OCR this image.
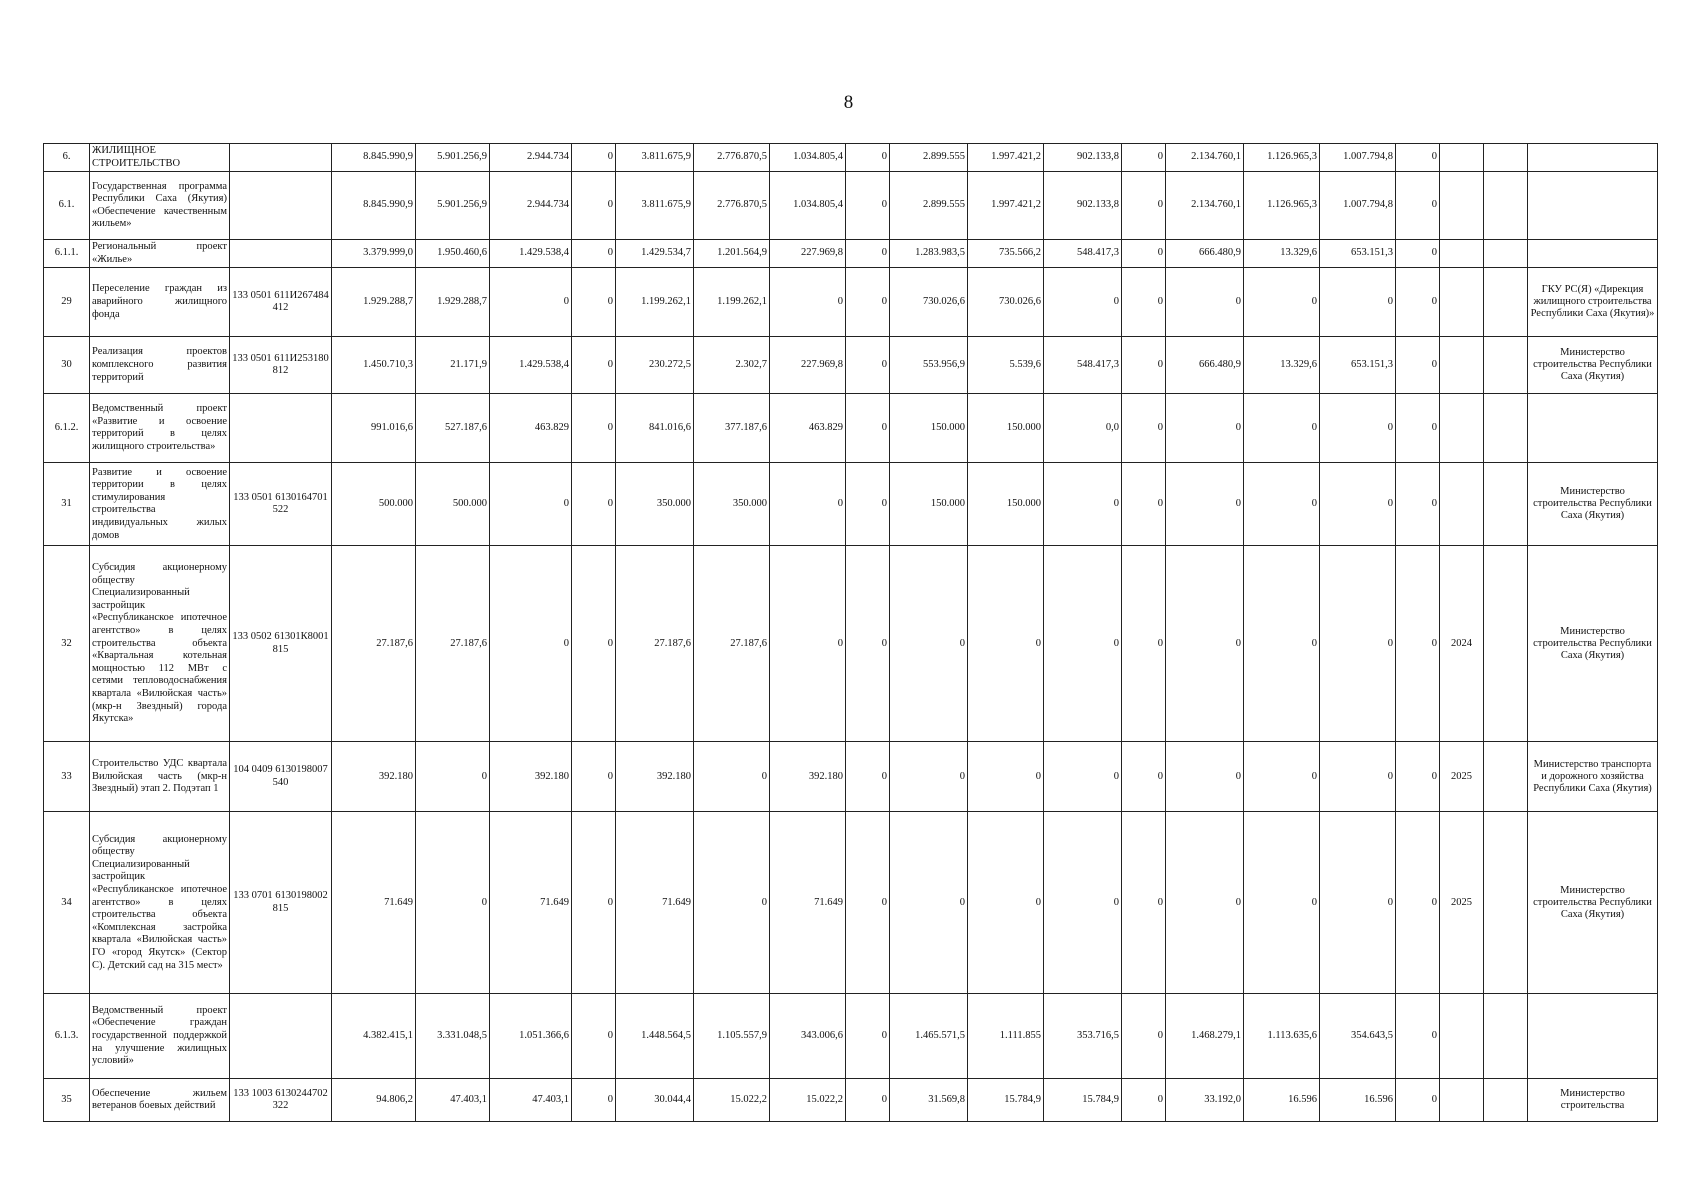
8
6.	ЖИЛИЩНОЕ СТРОИТЕЛЬСТВО		8.845.990,9	5.901.256,9	2.944.734	0	3.811.675,9	2.776.870,5	1.034.805,4	0	2.899.555	1.997.421,2	902.133,8	0	2.134.760,1	1.126.965,3	1.007.794,8	0			
6.1.	Государственная программа Республики Саха (Якутия) «Обеспечение качественным жильем»		8.845.990,9	5.901.256,9	2.944.734	0	3.811.675,9	2.776.870,5	1.034.805,4	0	2.899.555	1.997.421,2	902.133,8	0	2.134.760,1	1.126.965,3	1.007.794,8	0			
6.1.1.	Региональный проект «Жилье»		3.379.999,0	1.950.460,6	1.429.538,4	0	1.429.534,7	1.201.564,9	227.969,8	0	1.283.983,5	735.566,2	548.417,3	0	666.480,9	13.329,6	653.151,3	0			
29	Переселение граждан из аварийного жилищного фонда	133 0501 611И267484 412	1.929.288,7	1.929.288,7	0	0	1.199.262,1	1.199.262,1	0	0	730.026,6	730.026,6	0	0	0	0	0	0			ГКУ РС(Я) «Дирекция жилищного строительства Республики Саха (Якутия)»
30	Реализация проектов комплексного развития территорий	133 0501 611И253180 812	1.450.710,3	21.171,9	1.429.538,4	0	230.272,5	2.302,7	227.969,8	0	553.956,9	5.539,6	548.417,3	0	666.480,9	13.329,6	653.151,3	0			Министерство строительства Республики Саха (Якутия)
6.1.2.	Ведомственный проект «Развитие и освоение территорий в целях жилищного строительства»		991.016,6	527.187,6	463.829	0	841.016,6	377.187,6	463.829	0	150.000	150.000	0,0	0	0	0	0	0			
31	Развитие и освоение территории в целях стимулирования строительства индивидуальных жилых домов	133 0501 6130164701 522	500.000	500.000	0	0	350.000	350.000	0	0	150.000	150.000	0	0	0	0	0	0			Министерство строительства Республики Саха (Якутия)
32	Субсидия акционерному обществу Специализированный застройщик «Республиканское ипотечное агентство» в целях строительства объекта «Квартальная котельная мощностью 112 МВт с сетями тепловодоснабжения квартала «Вилюйская часть» (мкр-н Звездный) города Якутска»	133 0502 61301К8001 815	27.187,6	27.187,6	0	0	27.187,6	27.187,6	0	0	0	0	0	0	0	0	0	0	2024		Министерство строительства Республики Саха (Якутия)
33	Строительство УДС квартала Вилюйская часть (мкр-н Звездный) этап 2. Подэтап 1	104 0409 6130198007 540	392.180	0	392.180	0	392.180	0	392.180	0	0	0	0	0	0	0	0	0	2025		Министерство транспорта и дорожного хозяйства Республики Саха (Якутия)
34	Субсидия акционерному обществу Специализированный застройщик «Республиканское ипотечное агентство» в целях строительства объекта «Комплексная застройка квартала «Вилюйская часть» ГО «город Якутск» (Сектор С). Детский сад на 315 мест»	133 0701 6130198002 815	71.649	0	71.649	0	71.649	0	71.649	0	0	0	0	0	0	0	0	0	2025		Министерство строительства Республики Саха (Якутия)
6.1.3.	Ведомственный проект «Обеспечение граждан государственной поддержкой на улучшение жилищных условий»		4.382.415,1	3.331.048,5	1.051.366,6	0	1.448.564,5	1.105.557,9	343.006,6	0	1.465.571,5	1.111.855	353.716,5	0	1.468.279,1	1.113.635,6	354.643,5	0			
35	Обеспечение жильем ветеранов боевых действий	133 1003 6130244702 322	94.806,2	47.403,1	47.403,1	0	30.044,4	15.022,2	15.022,2	0	31.569,8	15.784,9	15.784,9	0	33.192,0	16.596	16.596	0			Министерство строительства
